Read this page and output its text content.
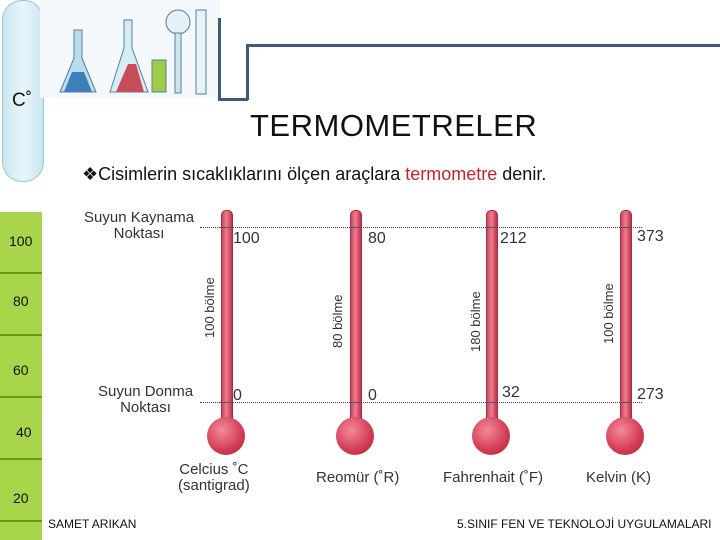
100
80
60
40
20
C˚
TERMOMETRELER
❖Cisimlerin sıcaklıklarını ölçen araçlara termometre denir.
Suyun Kaynama
Noktası
Suyun Donma
Noktası
100
0
100 bölme
Celcius ˚C
(santigrad)
80
0
80 bölme
Reomür (˚R)
212
32
180 bölme
Fahrenhait (˚F)
373
273
100 bölme
Kelvin (K)
SAMET ARIKAN	5.SINIF FEN VE TEKNOLOJİ UYGULAMALARI
